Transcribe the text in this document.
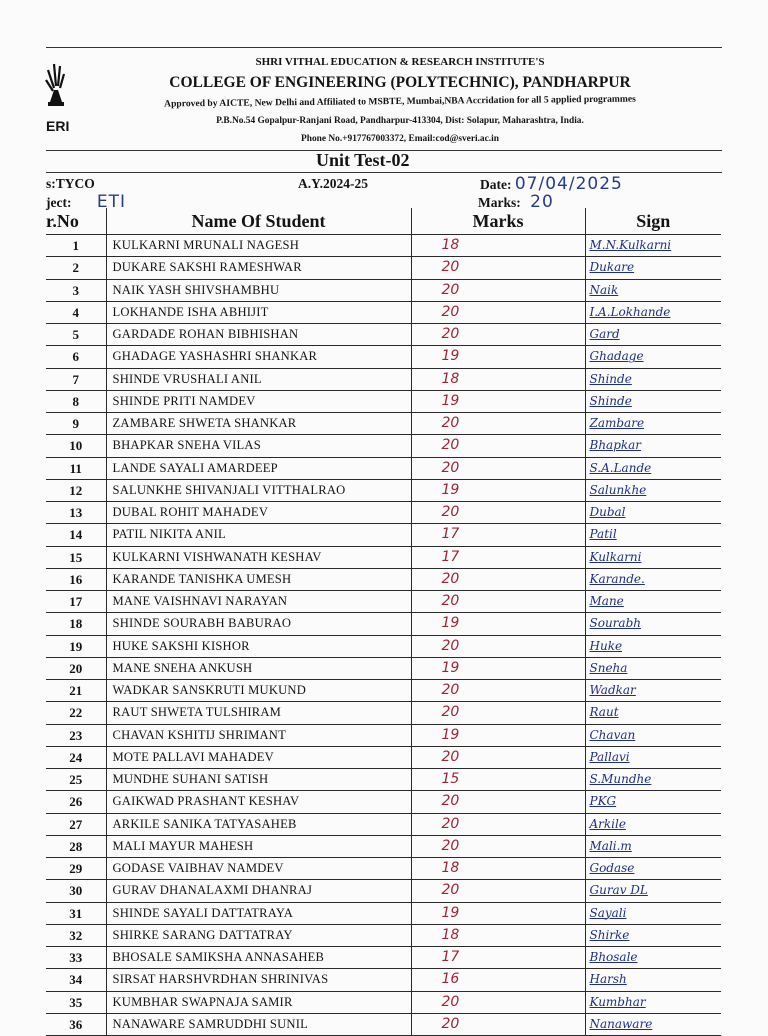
ERI
SHRI VITHAL EDUCATION & RESEARCH INSTITUTE'S
COLLEGE OF ENGINEERING (POLYTECHNIC), PANDHARPUR
Approved by AICTE, New Delhi and Affiliated to MSBTE, Mumbai,NBA Accridation for all 5 applied programmes
P.B.No.54 Gopalpur-Ranjani Road, Pandharpur-413304, Dist: Solapur, Maharashtra, India.
Phone No.+917767003372, Email:cod@sveri.ac.in
Unit Test-02
s:TYCO	A.Y.2024-25	Date: 07/04/2025
ject: ETI	Marks: 20
r.No	Name Of Student	Marks	Sign
1	KULKARNI MRUNALI NAGESH	18	M.N.Kulkarni
2	DUKARE SAKSHI RAMESHWAR	20	Dukare
3	NAIK YASH SHIVSHAMBHU	20	Naik
4	LOKHANDE ISHA ABHIJIT	20	I.A.Lokhande
5	GARDADE ROHAN BIBHISHAN	20	Gard
6	GHADAGE YASHASHRI SHANKAR	19	Ghadage
7	SHINDE VRUSHALI ANIL	18	Shinde
8	SHINDE PRITI NAMDEV	19	Shinde
9	ZAMBARE SHWETA SHANKAR	20	Zambare
10	BHAPKAR SNEHA VILAS	20	Bhapkar
11	LANDE SAYALI AMARDEEP	20	S.A.Lande
12	SALUNKHE SHIVANJALI VITTHALRAO	19	Salunkhe
13	DUBAL ROHIT MAHADEV	20	Dubal
14	PATIL NIKITA ANIL	17	Patil
15	KULKARNI VISHWANATH KESHAV	17	Kulkarni
16	KARANDE TANISHKA UMESH	20	Karande.
17	MANE VAISHNAVI NARAYAN	20	Mane
18	SHINDE SOURABH BABURAO	19	Sourabh
19	HUKE SAKSHI KISHOR	20	Huke
20	MANE SNEHA ANKUSH	19	Sneha
21	WADKAR SANSKRUTI MUKUND	20	Wadkar
22	RAUT SHWETA TULSHIRAM	20	Raut
23	CHAVAN KSHITIJ SHRIMANT	19	Chavan
24	MOTE PALLAVI MAHADEV	20	Pallavi
25	MUNDHE SUHANI SATISH	15	S.Mundhe
26	GAIKWAD PRASHANT KESHAV	20	PKG
27	ARKILE SANIKA TATYASAHEB	20	Arkile
28	MALI MAYUR MAHESH	20	Mali.m
29	GODASE VAIBHAV NAMDEV	18	Godase
30	GURAV DHANALAXMI DHANRAJ	20	Gurav DL
31	SHINDE SAYALI DATTATRAYA	19	Sayali
32	SHIRKE SARANG DATTATRAY	18	Shirke
33	BHOSALE SAMIKSHA ANNASAHEB	17	Bhosale
34	SIRSAT HARSHVRDHAN SHRINIVAS	16	Harsh
35	KUMBHAR SWAPNAJA SAMIR	20	Kumbhar
36	NANAWARE SAMRUDDHI SUNIL	20	Nanaware
